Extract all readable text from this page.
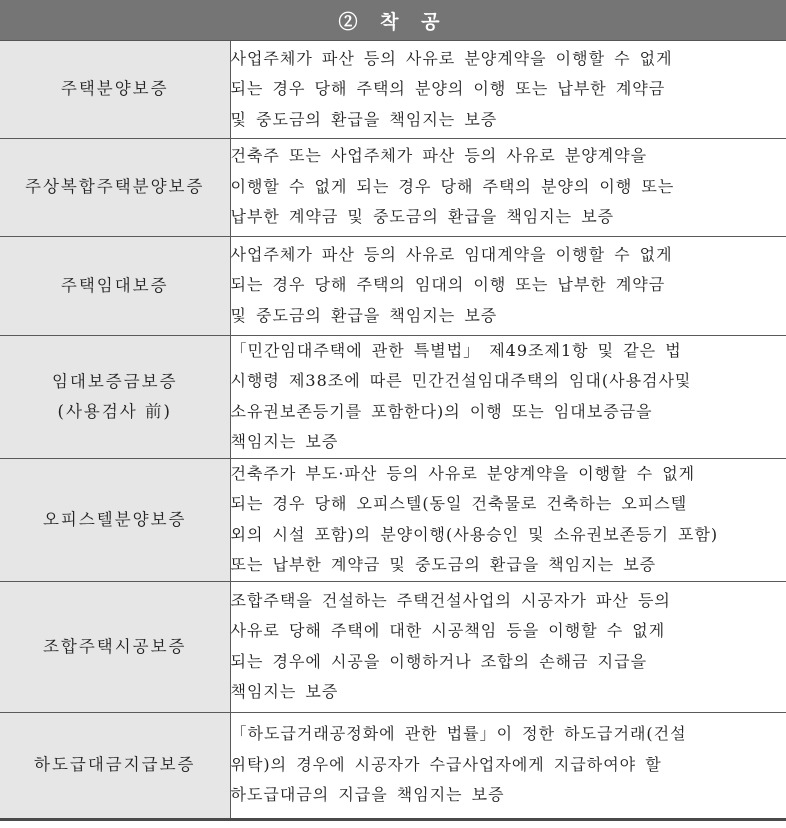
② 착 공
주택분양보증	사업주체가 파산 등의 사유로 분양계약을 이행할 수 없게
되는 경우 당해 주택의 분양의 이행 또는 납부한 계약금
및 중도금의 환급을 책임지는 보증

주상복합주택분양보증	건축주 또는 사업주체가 파산 등의 사유로 분양계약을
이행할 수 없게 되는 경우 당해 주택의 분양의 이행 또는
납부한 계약금 및 중도금의 환급을 책임지는 보증

주택임대보증	사업주체가 파산 등의 사유로 임대계약을 이행할 수 없게
되는 경우 당해 주택의 임대의 이행 또는 납부한 계약금
및 중도금의 환급을 책임지는 보증

임대보증금보증
(사용검사 前)	「민간임대주택에 관한 특별법」 제49조제1항 및 같은 법
시행령 제38조에 따른 민간건설임대주택의 임대(사용검사및
소유권보존등기를 포함한다)의 이행 또는 임대보증금을
책임지는 보증

오피스텔분양보증	건축주가 부도·파산 등의 사유로 분양계약을 이행할 수 없게
되는 경우 당해 오피스텔(동일 건축물로 건축하는 오피스텔
외의 시설 포함)의 분양이행(사용승인 및 소유권보존등기 포함)
또는 납부한 계약금 및 중도금의 환급을 책임지는 보증

조합주택시공보증	조합주택을 건설하는 주택건설사업의 시공자가 파산 등의
사유로 당해 주택에 대한 시공책임 등을 이행할 수 없게
되는 경우에 시공을 이행하거나 조합의 손해금 지급을
책임지는 보증

하도급대금지급보증	「하도급거래공정화에 관한 법률」이 정한 하도급거래(건설
위탁)의 경우에 시공자가 수급사업자에게 지급하여야 할
하도급대금의 지급을 책임지는 보증
